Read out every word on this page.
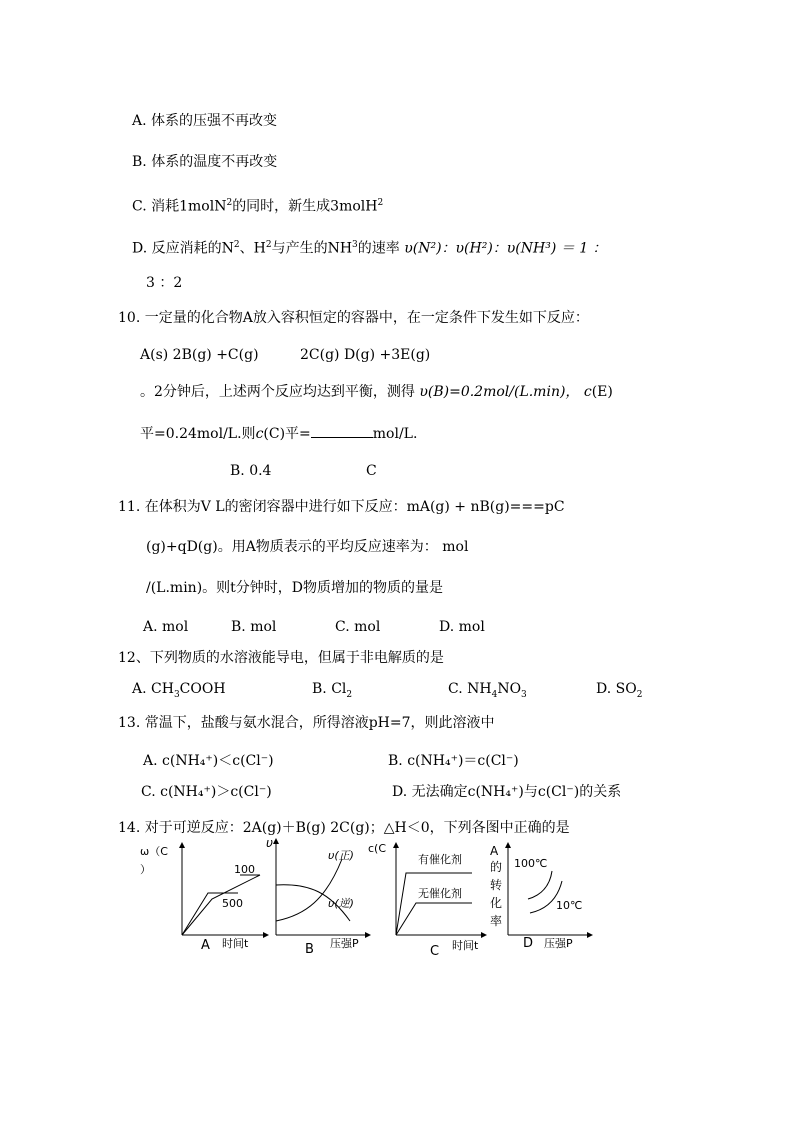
A. 体系的压强不再改变
B. 体系的温度不再改变
C. 消耗1molN$^2$的同时，新生成3molH$^2$
D. 反应消耗的$N^2$、$H^2$与产生的$NH^3$的速率 υ(N²)：υ(H²)：υ(NH³) ＝ 1 ：
3 ：2
10. 一定量的化合物A放入容积恒定的容器中，在一定条件下发生如下反应：
A(s) 2B(g) +C(g)	2C(g) D(g) +3E(g)
。2分钟后，上述两个反应均达到平衡，测得 υ(B)=0.2mol/(L.min)， c(E)
平=0.24mol/L.则c(C)平=	mol/L.
B. 0.4	C
11. 在体积为V L的密闭容器中进行如下反应：mA(g) + nB(g)===pC
(g)+qD(g)。用A物质表示的平均反应速率为： mol
/(L.min)。则t分钟时，D物质增加的物质的量是
A. mol	B. mol	C. mol	D. mol
12、下列物质的水溶液能导电，但属于非电解质的是
A. $CH_3COOH$	B. $Cl_2$	C. $NH_4NO_3$	D. $SO_2$
13. 常温下，盐酸与氨水混合，所得溶液pH=7，则此溶液中
A. c(NH₄⁺)＜c(Cl⁻)	B. c(NH₄⁺)＝c(Cl⁻)
C. c(NH₄⁺)＞c(Cl⁻)	D. 无法确定c(NH₄⁺)与c(Cl⁻)的关系
14. 对于可逆反应：2A(g)＋B(g) 2C(g)；△H＜0，下列各图中正确的是
ω（C
）	100
500
时间t
A
υ
υ(正)
υ(逆)
压强P
B
c(C
有催化剂
无催化剂
时间t
C
A
的
转
化
率
100℃
10℃
压强P
D
